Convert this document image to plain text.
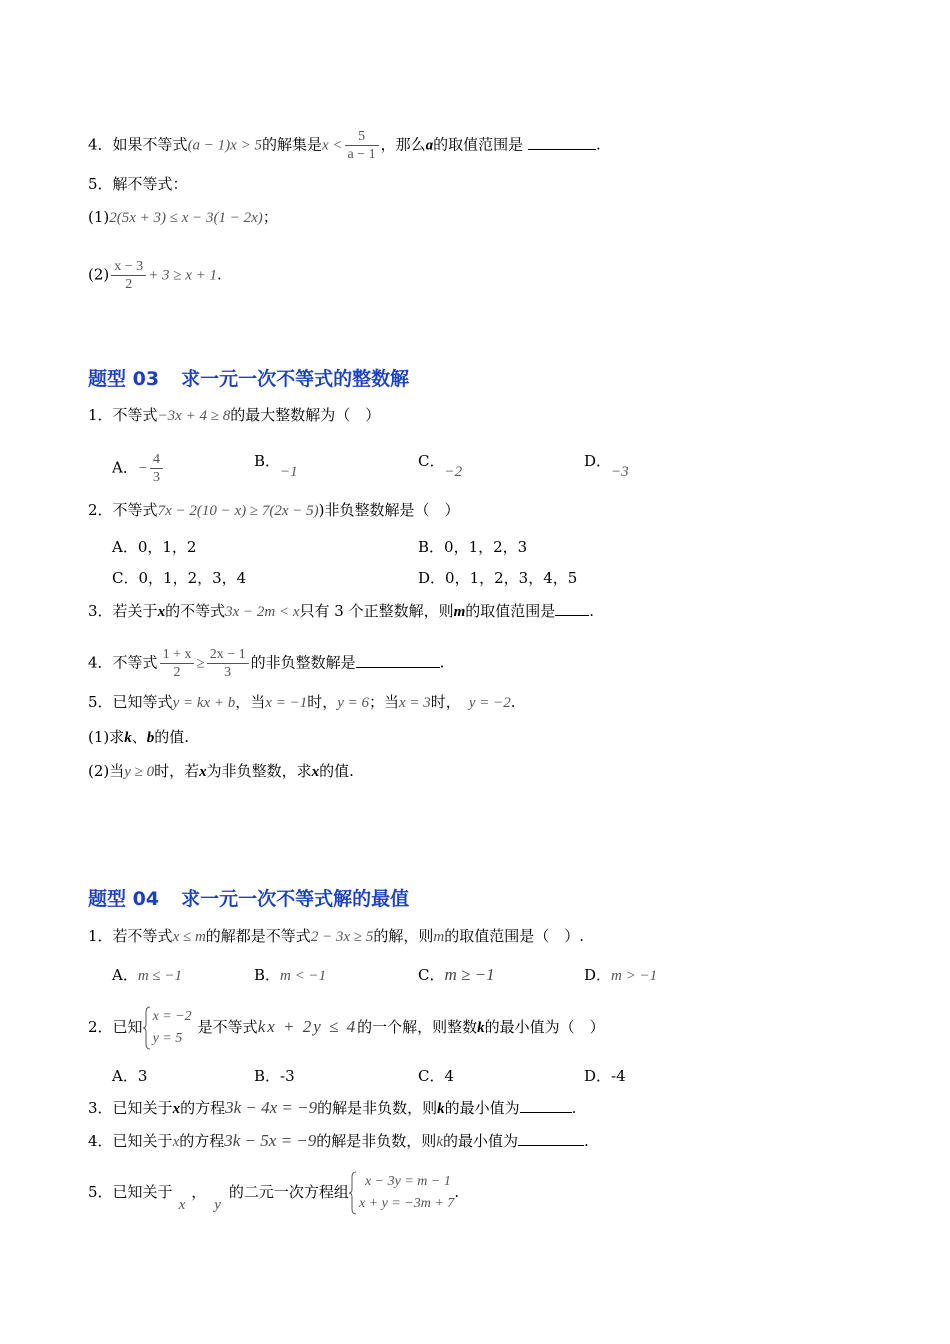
4．如果不等式(a − 1)x > 5的解集是$x < \frac{5}{a - 1}$ ，那么a的取值范围是	.
5．解不等式：
(1)2(5x + 3) ≤ x − 3(1 − 2x)；
$(2) \frac{x - 3}{2} + 3 \ge x + 1$.
题型 03 求一元一次不等式的整数解
1．不等式−3x + 4 ≥ 8的最大整数解为（　）
A．− $\frac{4}{3}$	B．−1
C．−2
D．−3
2．不等式7x − 2(10 − x) ≥ 7(2x − 5))非负整数解是（　）
A．0，1，2	B．0，1，2，3
C．0，1，2，3，4	D．0，1，2，3，4，5
3．若关于x的不等式3x − 2m < x只有 3 个正整数解，则m的取值范围是 .
4．不等式 $\frac{1 + x}{2} \ge \frac{2x - 1}{3}$ 的非负整数解是	.
5．已知等式y = kx + b，当x = −1时，y = 6；当x = 3时， y = −2.
(1)求k、b的值.
(2)当y ≥ 0时，若x为非负整数，求x的值.
题型 04 求一元一次不等式解的最值
1．若不等式x ≤ m的解都是不等式2 − 3x ≥ 5的解，则m的取值范围是（　）.
A．m ≤ −1	B．m < −1	C．m ≥ −1	D．m > −1
2．已知
x = −2
y = 5
是不等式kx + 2y ≤ 4的一个解，则整数k的最小值为（　）
A．3	B．-3	C．4	D．-4
3．已知关于x的方程3k − 4x = −9的解是非负数，则k的最小值为	.
4．已知关于x的方程3k − 5x = −9的解是非负数，则k的最小值为	.
5．已知关于x，y的二元一次方程组
x − 3y = m − 1
x + y = −3m + 7
.
